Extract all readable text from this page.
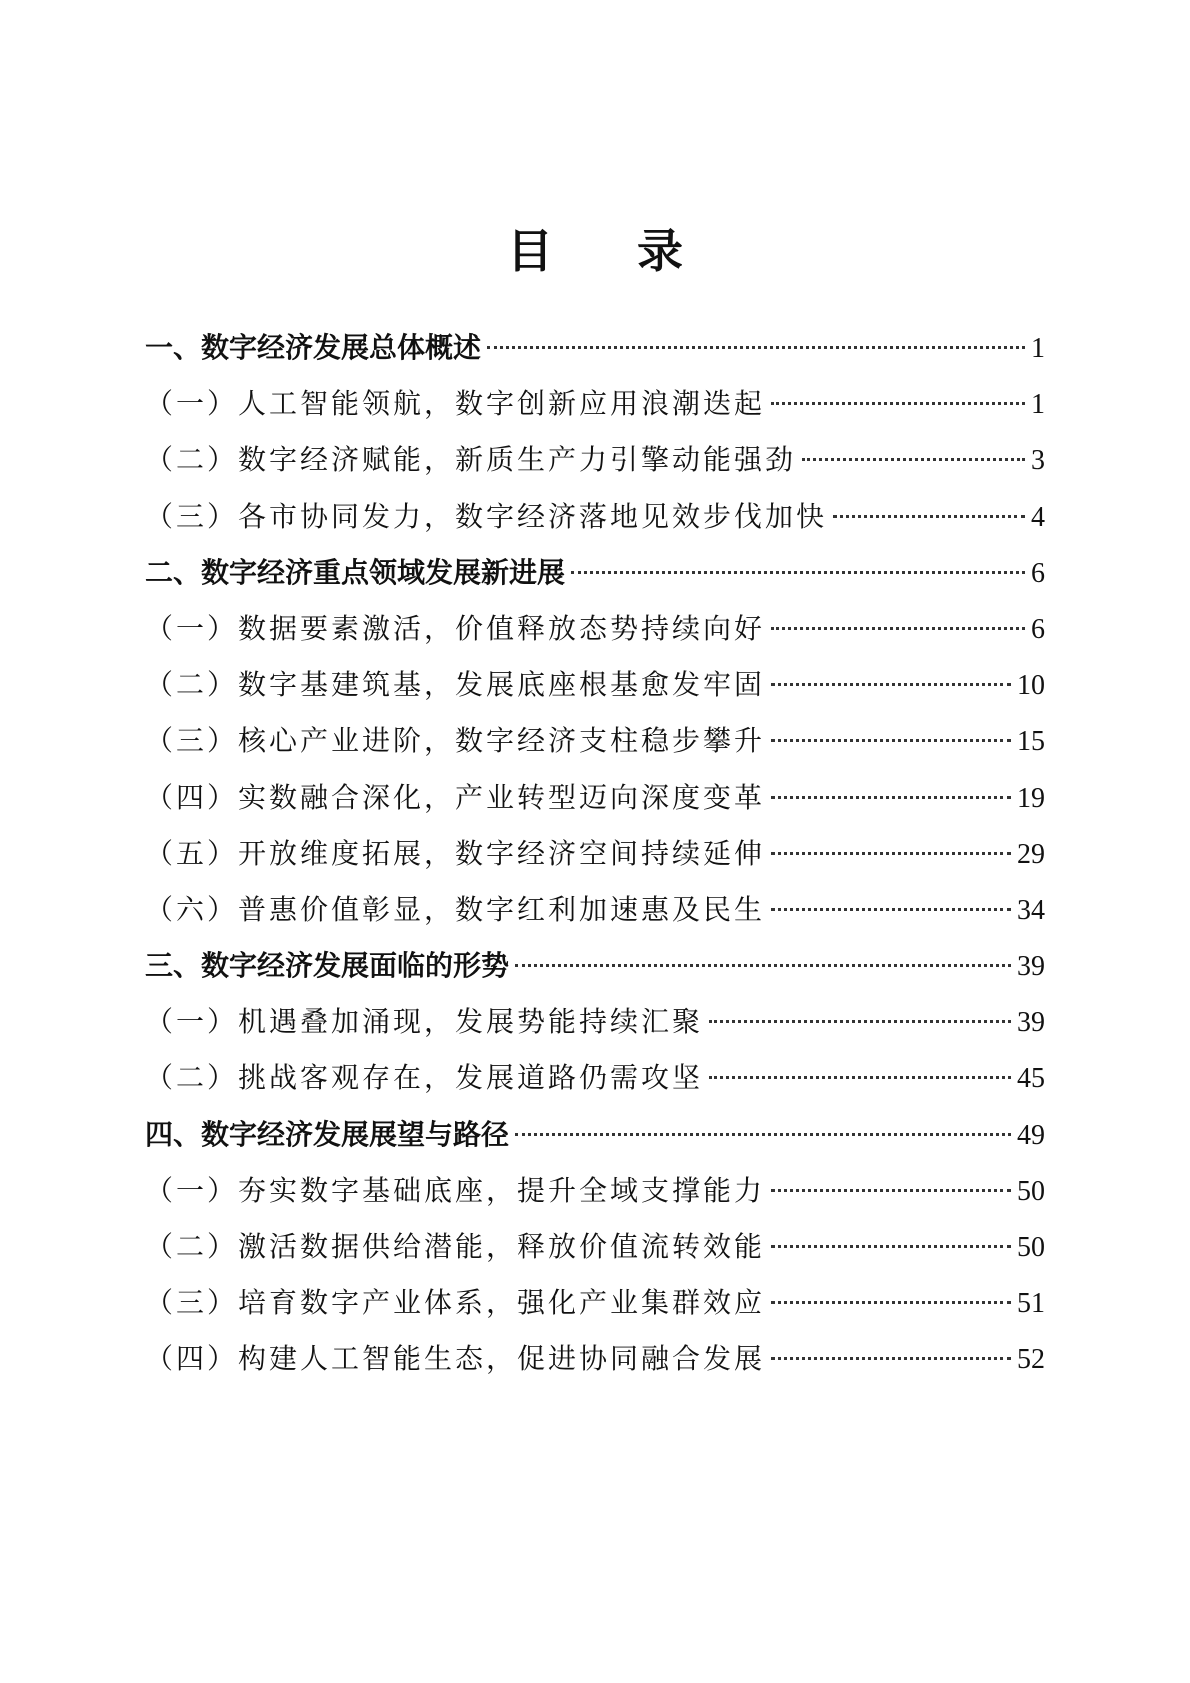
目 录
一、数字经济发展总体概述	1
（一）人工智能领航，数字创新应用浪潮迭起	1
（二）数字经济赋能，新质生产力引擎动能强劲	3
（三）各市协同发力，数字经济落地见效步伐加快	4
二、数字经济重点领域发展新进展	6
（一）数据要素激活，价值释放态势持续向好	6
（二）数字基建筑基，发展底座根基愈发牢固	10
（三）核心产业进阶，数字经济支柱稳步攀升	15
（四）实数融合深化，产业转型迈向深度变革	19
（五）开放维度拓展，数字经济空间持续延伸	29
（六）普惠价值彰显，数字红利加速惠及民生	34
三、数字经济发展面临的形势	39
（一）机遇叠加涌现，发展势能持续汇聚	39
（二）挑战客观存在，发展道路仍需攻坚	45
四、数字经济发展展望与路径	49
（一）夯实数字基础底座，提升全域支撑能力	50
（二）激活数据供给潜能，释放价值流转效能	50
（三）培育数字产业体系，强化产业集群效应	51
（四）构建人工智能生态，促进协同融合发展	52
